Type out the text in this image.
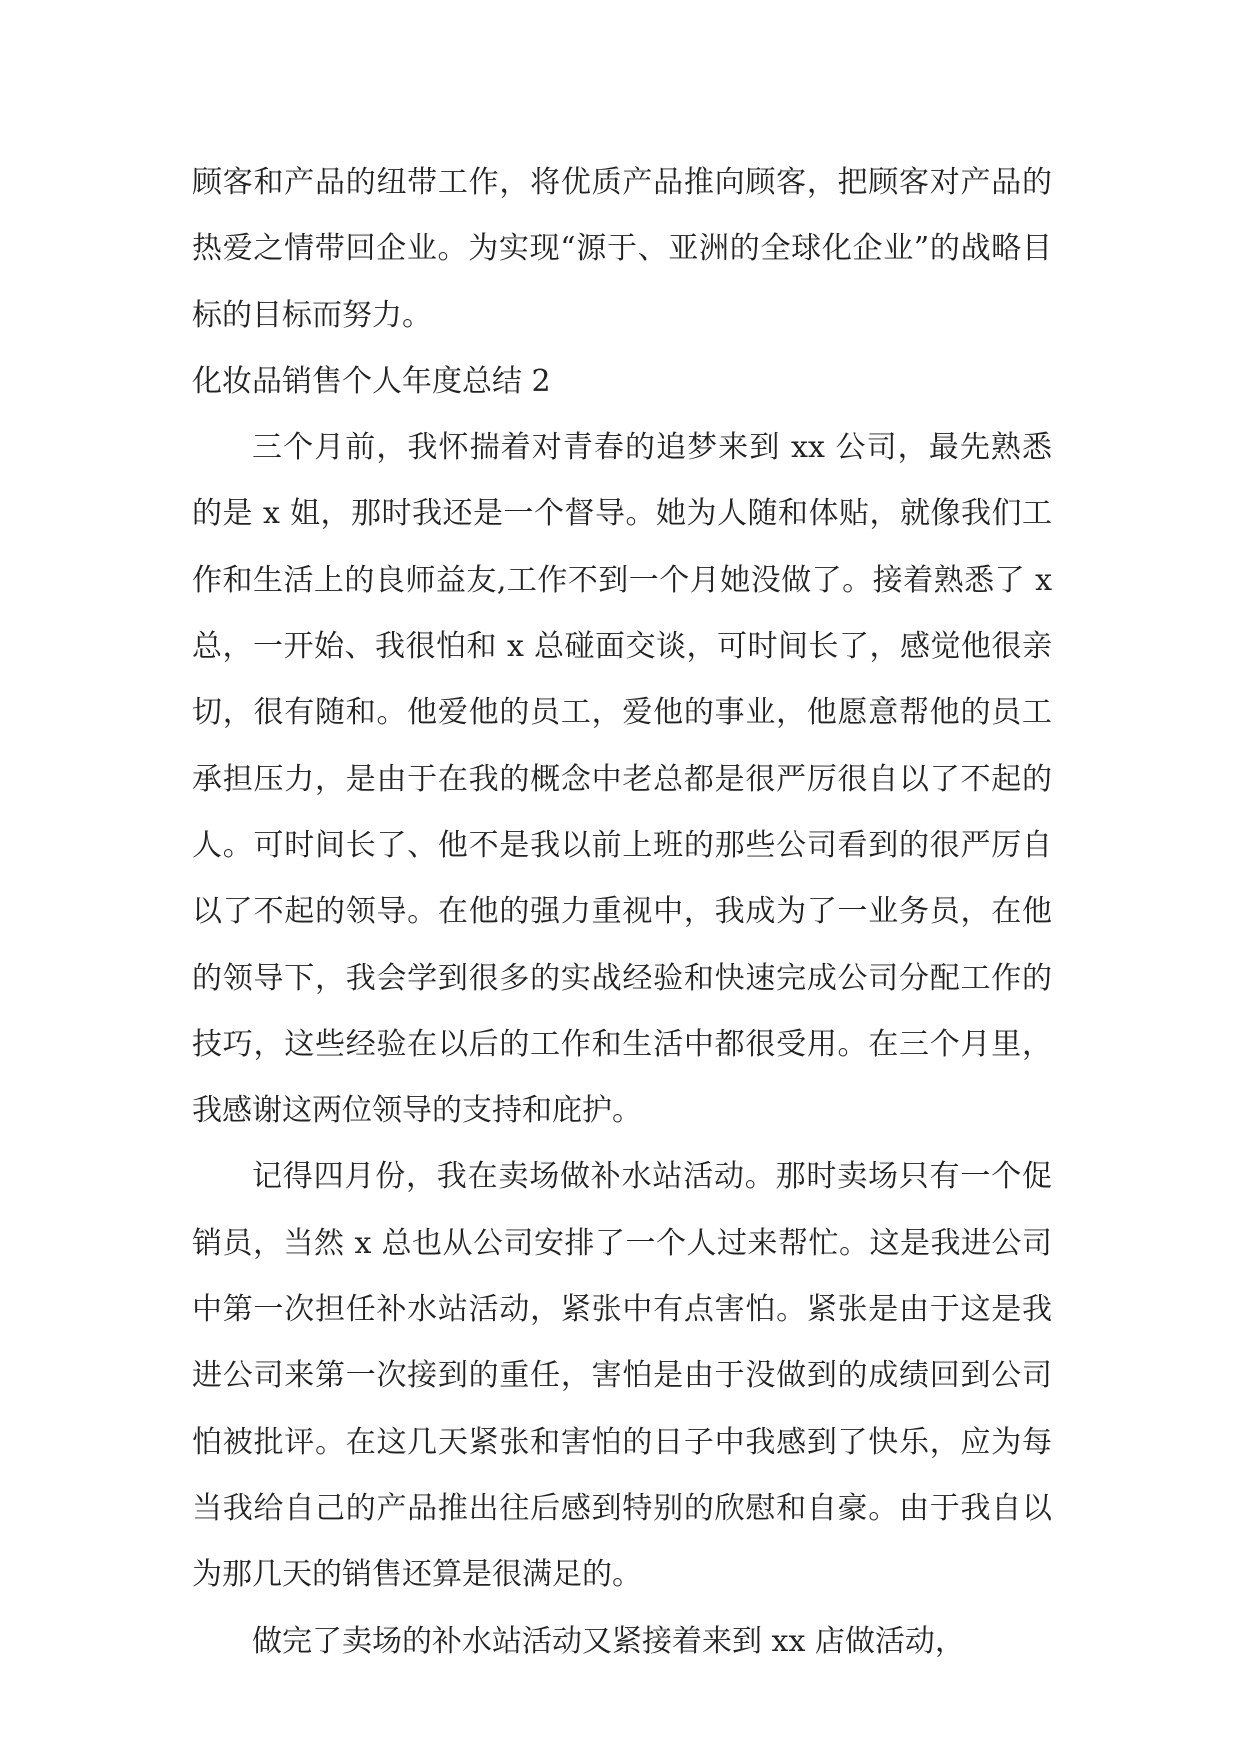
顾客和产品的纽带工作，将优质产品推向顾客，把顾客对产品的热爱之情带回企业。为实现“源于、亚洲的全球化企业”的战略目标的目标而努力。

化妆品销售个人年度总结 2

三个月前，我怀揣着对青春的追梦来到 xx 公司，最先熟悉的是 x 姐，那时我还是一个督导。她为人随和体贴，就像我们工作和生活上的良师益友,工作不到一个月她没做了。接着熟悉了 x 总，一开始、我很怕和 x 总碰面交谈，可时间长了，感觉他很亲切，很有随和。他爱他的员工，爱他的事业，他愿意帮他的员工承担压力，是由于在我的概念中老总都是很严厉很自以了不起的人。可时间长了、他不是我以前上班的那些公司看到的很严厉自以了不起的领导。在他的强力重视中，我成为了一业务员，在他的领导下，我会学到很多的实战经验和快速完成公司分配工作的技巧，这些经验在以后的工作和生活中都很受用。在三个月里，我感谢这两位领导的支持和庇护。

记得四月份，我在卖场做补水站活动。那时卖场只有一个促销员，当然 x 总也从公司安排了一个人过来帮忙。这是我进公司中第一次担任补水站活动，紧张中有点害怕。紧张是由于这是我进公司来第一次接到的重任，害怕是由于没做到的成绩回到公司怕被批评。在这几天紧张和害怕的日子中我感到了快乐，应为每当我给自己的产品推出往后感到特别的欣慰和自豪。由于我自以为那几天的销售还算是很满足的。

做完了卖场的补水站活动又紧接着来到 xx 店做活动，
